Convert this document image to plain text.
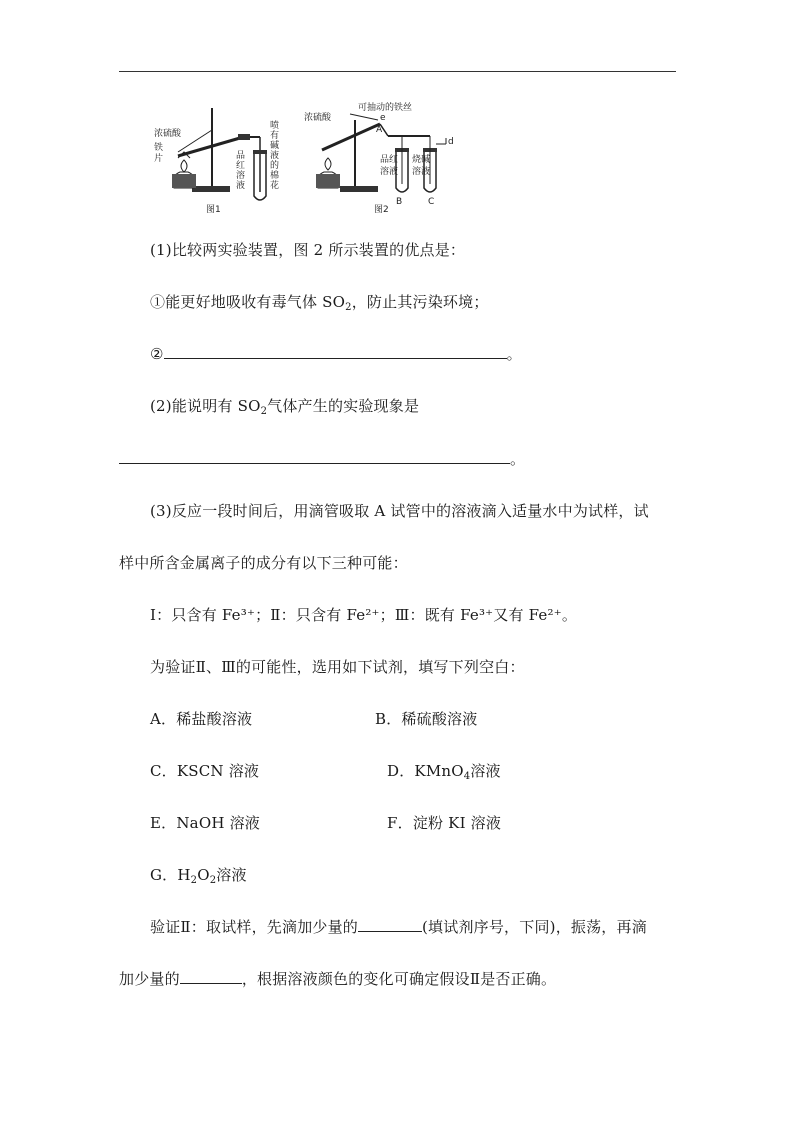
浓硫酸
铁
片	品
红
溶
液
喷
有
碱
液
的
棉
花
图1
浓硫酸
可抽动的铁丝
e
A
d
品红
溶液
烧碱
溶液
B	C
图2
(1)比较两实验装置，图 2 所示装置的优点是：
①能更好地吸收有毒气体 $SO_2$，防止其污染环境；
②	。
(2)能说明有 $SO_2$气体产生的实验现象是
。
(3)反应一段时间后，用滴管吸取 A 试管中的溶液滴入适量水中为试样，试
样中所含金属离子的成分有以下三种可能：
Ⅰ：只含有 Fe³⁺；Ⅱ：只含有 Fe²⁺；Ⅲ：既有 Fe³⁺又有 Fe²⁺。
为验证Ⅱ、Ⅲ的可能性，选用如下试剂，填写下列空白：
A．稀盐酸溶液	B．稀硫酸溶液
C．KSCN 溶液	D．KMnO$_4$溶液
E．NaOH 溶液	F．淀粉 KI 溶液
G．$H_2O_2$溶液
验证Ⅱ：取试样，先滴加少量的	(填试剂序号，下同)，振荡，再滴
加少量的	，根据溶液颜色的变化可确定假设Ⅱ是否正确。
